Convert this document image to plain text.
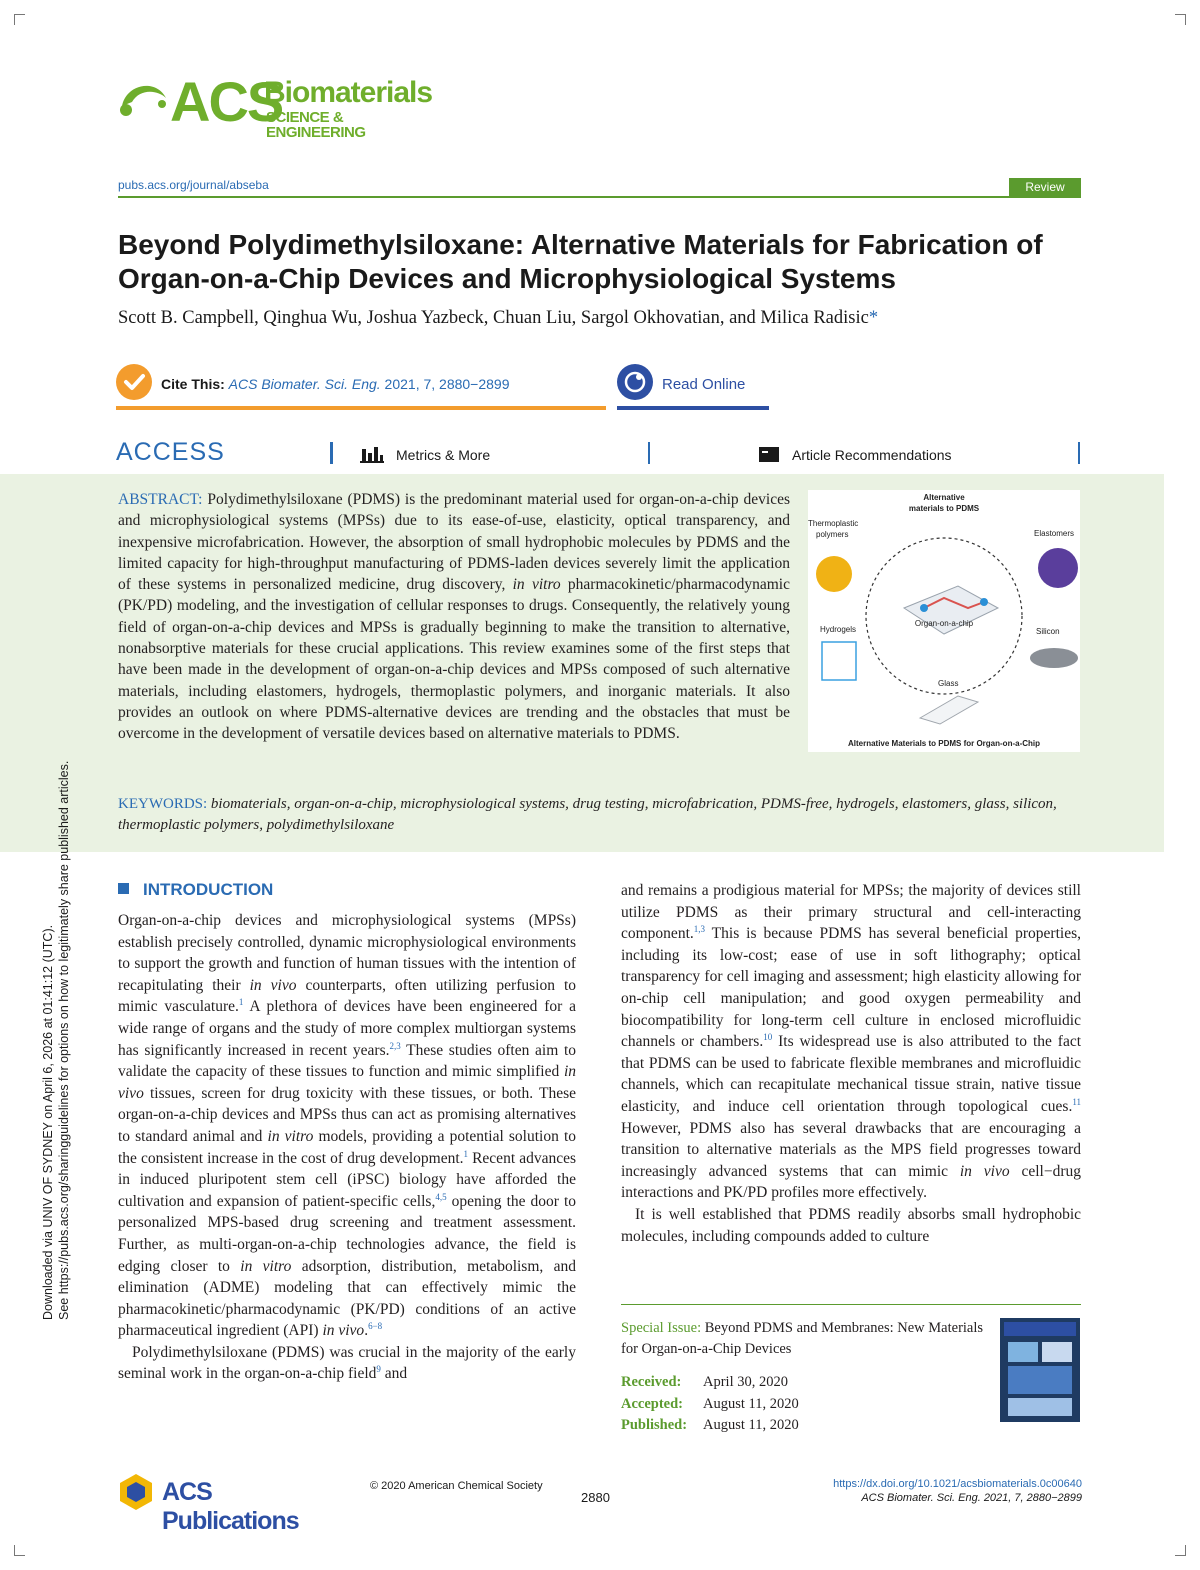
ACS
Biomaterials
SCIENCE & ENGINEERING
pubs.acs.org/journal/abseba	Review
Beyond Polydimethylsiloxane: Alternative Materials for Fabrication of Organ-on-a-Chip Devices and Microphysiological Systems
Scott B. Campbell, Qinghua Wu, Joshua Yazbeck, Chuan Liu, Sargol Okhovatian, and Milica Radisic*
Cite This: ACS Biomater. Sci. Eng. 2021, 7, 2880−2899	Read Online
ACCESS	Metrics & More	Article Recommendations
ABSTRACT: Polydimethylsiloxane (PDMS) is the predominant material used for organ-on-a-chip devices and microphysiological systems (MPSs) due to its ease-of-use, elasticity, optical transparency, and inexpensive microfabrication. However, the absorption of small hydrophobic molecules by PDMS and the limited capacity for high-throughput manufacturing of PDMS-laden devices severely limit the application of these systems in personalized medicine, drug discovery, in vitro pharmacokinetic/pharmacodynamic (PK/PD) modeling, and the investigation of cellular responses to drugs. Consequently, the relatively young field of organ-on-a-chip devices and MPSs is gradually beginning to make the transition to alternative, nonabsorptive materials for these crucial applications. This review examines some of the first steps that have been made in the development of organ-on-a-chip devices and MPSs composed of such alternative materials, including elastomers, hydrogels, thermoplastic polymers, and inorganic materials. It also provides an outlook on where PDMS-alternative devices are trending and the obstacles that must be overcome in the development of versatile devices based on alternative materials to PDMS.
Alternative
materials to PDMS
Organ-on-a-chip
Thermoplastic
polymers	Elastomers
Hydrogels	Silicon
Glass
Alternative Materials to PDMS for Organ-on-a-Chip
KEYWORDS: biomaterials, organ-on-a-chip, microphysiological systems, drug testing, microfabrication, PDMS-free, hydrogels, elastomers, glass, silicon, thermoplastic polymers, polydimethylsiloxane
Downloaded via UNIV OF SYDNEY on April 6, 2026 at 01:41:12 (UTC). See https://pubs.acs.org/sharingguidelines for options on how to legitimately share published articles.	INTRODUCTION

Organ-on-a-chip devices and microphysiological systems (MPSs) establish precisely controlled, dynamic microphysiological environments to support the growth and function of human tissues with the intention of recapitulating their in vivo counterparts, often utilizing perfusion to mimic vasculature.$^1$ A plethora of devices have been engineered for a wide range of organs and the study of more complex multiorgan systems has significantly increased in recent years.$^{2,3}$ These studies often aim to validate the capacity of these tissues to function and mimic simplified in vivo tissues, screen for drug toxicity with these tissues, or both. These organ-on-a-chip devices and MPSs thus can act as promising alternatives to standard animal and in vitro models, providing a potential solution to the consistent increase in the cost of drug development.$^1$ Recent advances in induced pluripotent stem cell (iPSC) biology have afforded the cultivation and expansion of patient-specific cells,$^{4,5}$ opening the door to personalized MPS-based drug screening and treatment assessment. Further, as multi-organ-on-a-chip technologies advance, the field is edging closer to in vitro adsorption, distribution, metabolism, and elimination (ADME) modeling that can effectively mimic the pharmacokinetic/pharmacodynamic (PK/PD) conditions of an active pharmaceutical ingredient (API) in vivo.$^{6-8}$

Polydimethylsiloxane (PDMS) was crucial in the majority of the early seminal work in the organ-on-a-chip field$^9$ and

and remains a prodigious material for MPSs; the majority of devices still utilize PDMS as their primary structural and cell-interacting component.$^{1,3}$ This is because PDMS has several beneficial properties, including its low-cost; ease of use in soft lithography; optical transparency for cell imaging and assessment; high elasticity allowing for on-chip cell manipulation; and good oxygen permeability and biocompatibility for long-term cell culture in enclosed microfluidic channels or chambers.$^{10}$ Its widespread use is also attributed to the fact that PDMS can be used to fabricate flexible membranes and microfluidic channels, which can recapitulate mechanical tissue strain, native tissue elasticity, and induce cell orientation through topological cues.$^{11}$ However, PDMS also has several drawbacks that are encouraging a transition to alternative materials as the MPS field progresses toward increasingly advanced systems that can mimic in vivo cell−drug interactions and PK/PD profiles more effectively.

It is well established that PDMS readily absorbs small hydrophobic molecules, including compounds added to culture

Special Issue: Beyond PDMS and Membranes: New Materials for Organ-on-a-Chip Devices
Received: April 30, 2020
Accepted: August 11, 2020
Published: August 11, 2020
ACS Publications
© 2020 American Chemical Society
2880
https://dx.doi.org/10.1021/acsbiomaterials.0c00640
ACS Biomater. Sci. Eng. 2021, 7, 2880−2899
